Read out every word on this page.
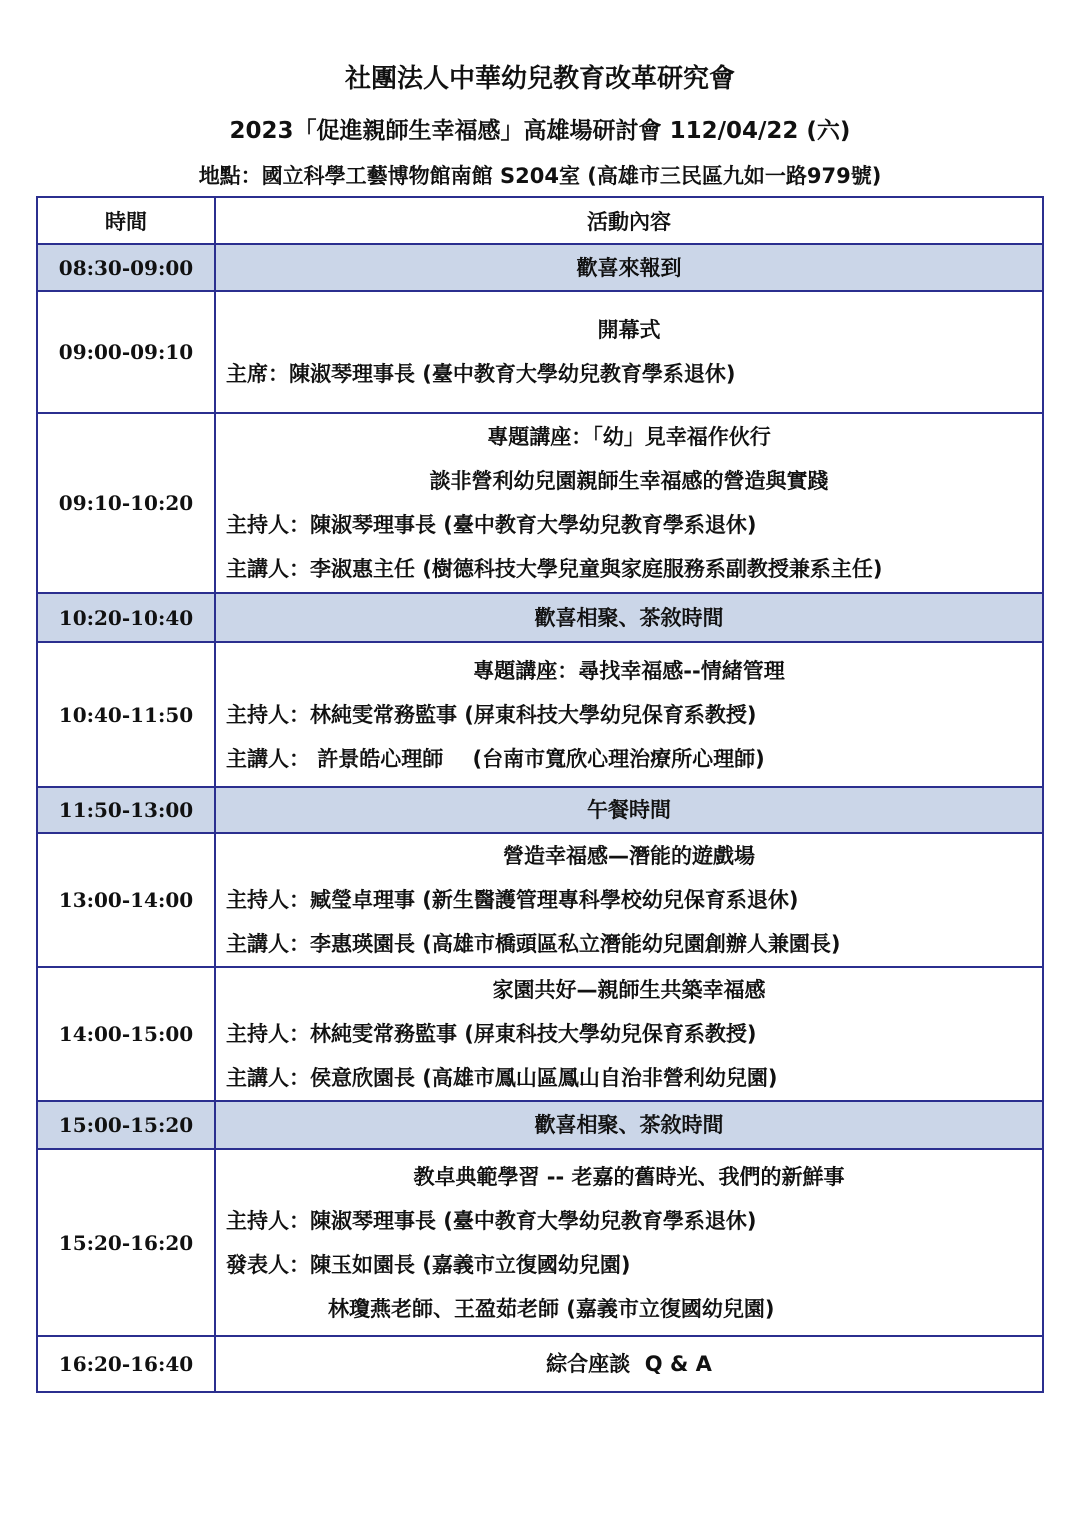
社團法人中華幼兒教育改革研究會
2023「促進親師生幸福感」高雄場研討會 112/04/22 (六)
地點：國立科學工藝博物館南館 S204室 (高雄市三民區九如一路979號)
時間	活動內容
08:30-09:00	歡喜來報到

09:00-09:10	開幕式
主席：陳淑琴理事長 (臺中教育大學幼兒教育學系退休)

09:10-10:20	專題講座：「幼」見幸福作伙行
談非營利幼兒園親師生幸福感的營造與實踐
主持人：陳淑琴理事長 (臺中教育大學幼兒教育學系退休)
主講人：李淑惠主任 (樹德科技大學兒童與家庭服務系副教授兼系主任)

10:20-10:40	歡喜相聚、茶敘時間

10:40-11:50	專題講座：尋找幸福感--情緒管理
主持人：林純雯常務監事 (屏東科技大學幼兒保育系教授)
主講人： 許景皓心理師    (台南市寬欣心理治療所心理師)

11:50-13:00	午餐時間

13:00-14:00	營造幸福感—潛能的遊戲場
主持人：臧瑩卓理事 (新生醫護管理專科學校幼兒保育系退休)
主講人：李惠瑛園長 (高雄市橋頭區私立潛能幼兒園創辦人兼園長)

14:00-15:00	家園共好—親師生共築幸福感
主持人：林純雯常務監事 (屏東科技大學幼兒保育系教授)
主講人：侯意欣園長 (高雄市鳳山區鳳山自治非營利幼兒園)

15:00-15:20	歡喜相聚、茶敘時間

15:20-16:20	教卓典範學習 -- 老嘉的舊時光、我們的新鮮事
主持人：陳淑琴理事長 (臺中教育大學幼兒教育學系退休)
發表人：陳玉如園長 (嘉義市立復國幼兒園)
林瓊燕老師、王盈茹老師 (嘉義市立復國幼兒園)

16:20-16:40	綜合座談  Q & A
